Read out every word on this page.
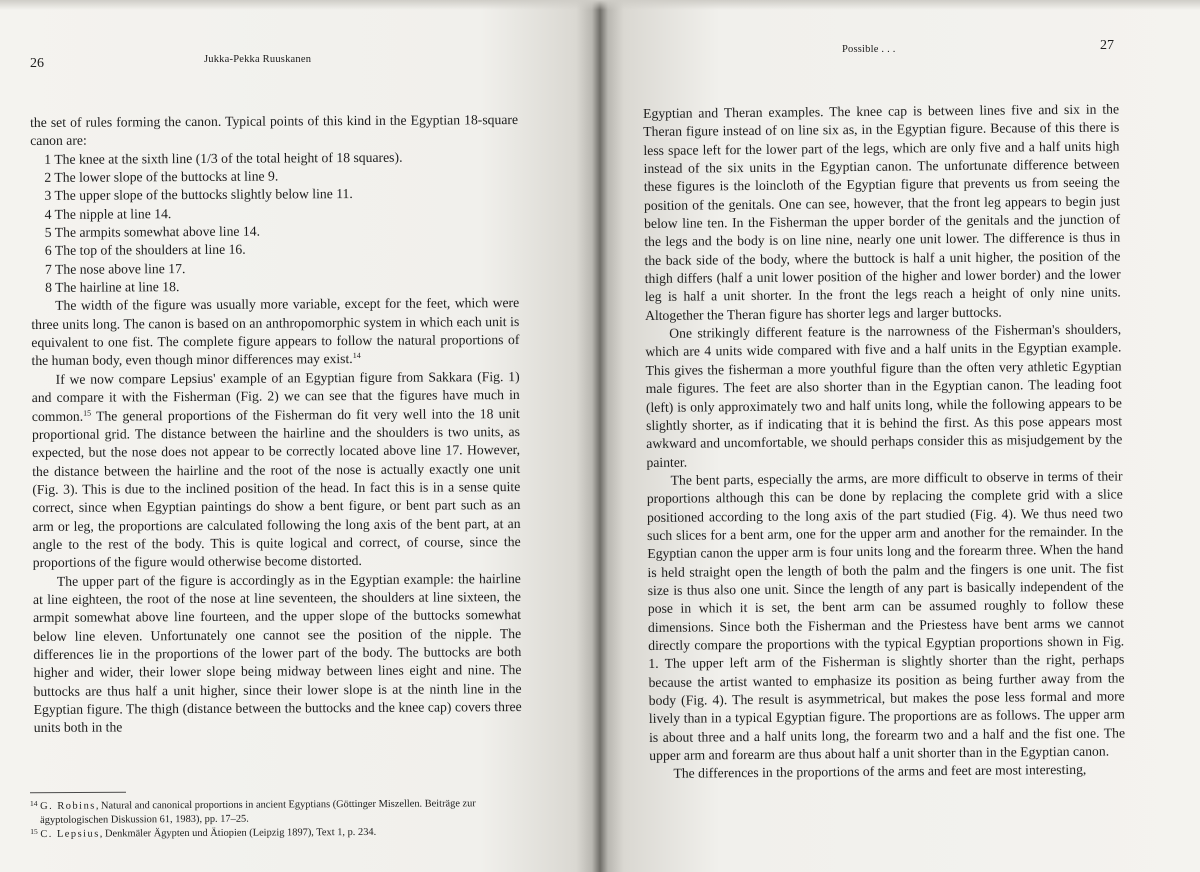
26	Jukka-Pekka Ruuskanen

the set of rules forming the canon. Typical points of this kind in the Egyptian 18-square canon are:

1 The knee at the sixth line (1/3 of the total height of 18 squares).
2 The lower slope of the buttocks at line 9.
3 The upper slope of the buttocks slightly below line 11.
4 The nipple at line 14.
5 The armpits somewhat above line 14.
6 The top of the shoulders at line 16.
7 The nose above line 17.
8 The hairline at line 18.

The width of the figure was usually more variable, except for the feet, which were three units long. The canon is based on an anthropomorphic system in which each unit is equivalent to one fist. The complete figure appears to follow the natural proportions of the human body, even though minor differences may exist.$^{14}$

If we now compare Lepsius' example of an Egyptian figure from Sakkara (Fig. 1) and compare it with the Fisherman (Fig. 2) we can see that the figures have much in common.$^{15}$ The general proportions of the Fisherman do fit very well into the 18 unit proportional grid. The distance between the hairline and the shoulders is two units, as expected, but the nose does not appear to be correctly located above line 17. However, the distance between the hairline and the root of the nose is actually exactly one unit (Fig. 3). This is due to the inclined position of the head. In fact this is in a sense quite correct, since when Egyptian paintings do show a bent figure, or bent part such as an arm or leg, the proportions are calculated following the long axis of the bent part, at an angle to the rest of the body. This is quite logical and correct, of course, since the proportions of the figure would otherwise become distorted.

The upper part of the figure is accordingly as in the Egyptian example: the hairline at line eighteen, the root of the nose at line seventeen, the shoulders at line sixteen, the armpit somewhat above line fourteen, and the upper slope of the buttocks somewhat below line eleven. Unfortunately one cannot see the position of the nipple. The differences lie in the proportions of the lower part of the body. The buttocks are both higher and wider, their lower slope being midway between lines eight and nine. The buttocks are thus half a unit higher, since their lower slope is at the ninth line in the Egyptian figure. The thigh (distance between the buttocks and the knee cap) covers three units both in the

$^{14}$ G. Robins, Natural and canonical proportions in ancient Egyptians (Göttinger Miszellen. Beiträge zur ägyptologischen Diskussion 61, 1983), pp. 17–25.

$^{15}$ C. Lepsius, Denkmäler Ägypten und Ätiopien (Leipzig 1897), Text 1, p. 234.

27
Possible . . .

Egyptian and Theran examples. The knee cap is between lines five and six in the Theran figure instead of on line six as, in the Egyptian figure. Because of this there is less space left for the lower part of the legs, which are only five and a half units high instead of the six units in the Egyptian canon. The unfortunate difference between these figures is the loincloth of the Egyptian figure that prevents us from seeing the position of the genitals. One can see, however, that the front leg appears to begin just below line ten. In the Fisherman the upper border of the genitals and the junction of the legs and the body is on line nine, nearly one unit lower. The difference is thus in the back side of the body, where the buttock is half a unit higher, the position of the thigh differs (half a unit lower position of the higher and lower border) and the lower leg is half a unit shorter. In the front the legs reach a height of only nine units. Altogether the Theran figure has shorter legs and larger buttocks.

One strikingly different feature is the narrowness of the Fisherman's shoulders, which are 4 units wide compared with five and a half units in the Egyptian example. This gives the fisherman a more youthful figure than the often very athletic Egyptian male figures. The feet are also shorter than in the Egyptian canon. The leading foot (left) is only approximately two and half units long, while the following appears to be slightly shorter, as if indicating that it is behind the first. As this pose appears most awkward and uncomfortable, we should perhaps consider this as misjudgement by the painter.

The bent parts, especially the arms, are more difficult to observe in terms of their proportions although this can be done by replacing the complete grid with a slice positioned according to the long axis of the part studied (Fig. 4). We thus need two such slices for a bent arm, one for the upper arm and another for the remainder. In the Egyptian canon the upper arm is four units long and the forearm three. When the hand is held straight open the length of both the palm and the fingers is one unit. The fist size is thus also one unit. Since the length of any part is basically independent of the pose in which it is set, the bent arm can be assumed roughly to follow these dimensions. Since both the Fisherman and the Priestess have bent arms we cannot directly compare the proportions with the typical Egyptian proportions shown in Fig. 1. The upper left arm of the Fisherman is slightly shorter than the right, perhaps because the artist wanted to emphasize its position as being further away from the body (Fig. 4). The result is asymmetrical, but makes the pose less formal and more lively than in a typical Egyptian figure. The proportions are as follows. The upper arm is about three and a half units long, the forearm two and a half and the fist one. The upper arm and forearm are thus about half a unit shorter than in the Egyptian canon.

The differences in the proportions of the arms and feet are most interesting,
